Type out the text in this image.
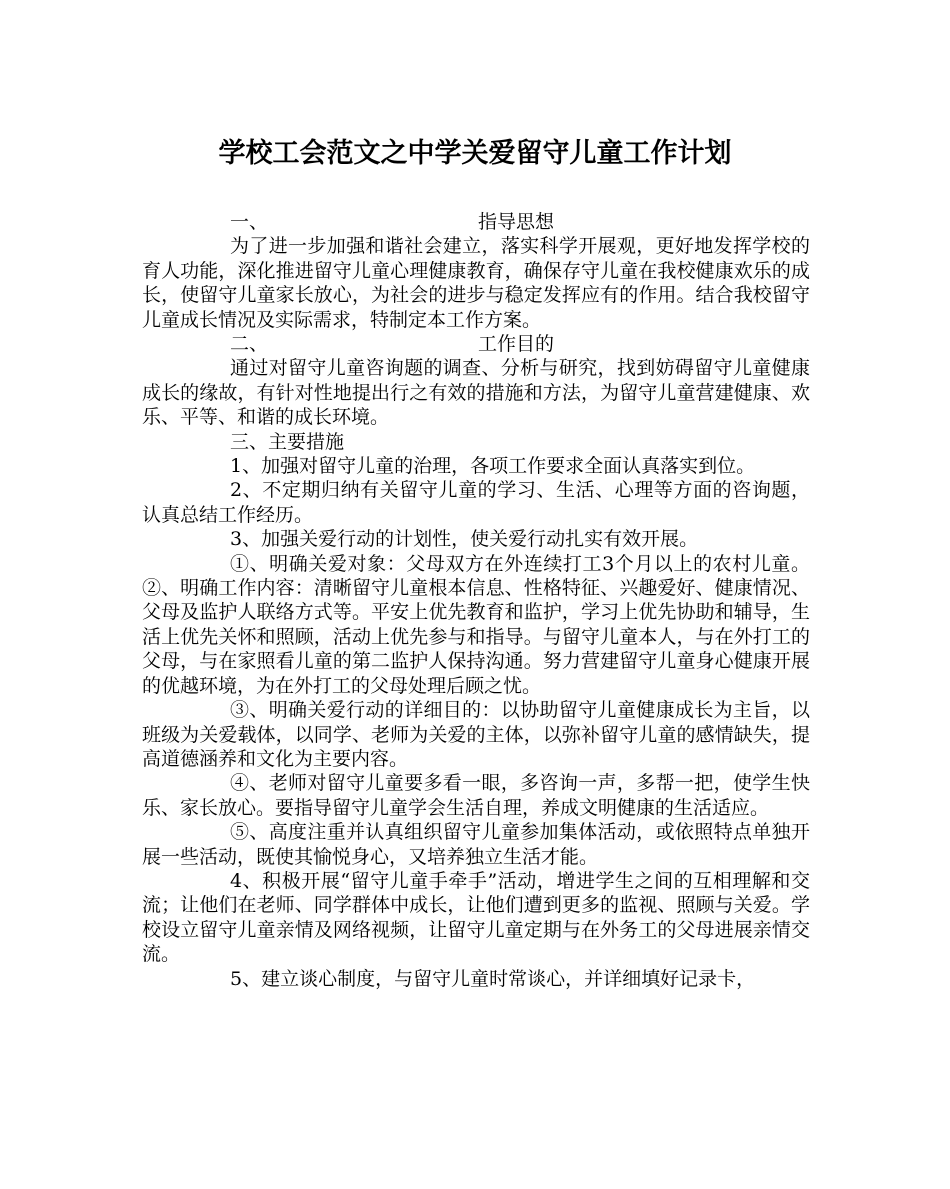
学校工会范文之中学关爱留守儿童工作计划
一、	指导思想

为了进一步加强和谐社会建立，落实科学开展观，更好地发挥学校的育人功能，深化推进留守儿童心理健康教育，确保存守儿童在我校健康欢乐的成长，使留守儿童家长放心，为社会的进步与稳定发挥应有的作用。结合我校留守儿童成长情况及实际需求，特制定本工作方案。

二、	工作目的

通过对留守儿童咨询题的调查、分析与研究，找到妨碍留守儿童健康成长的缘故，有针对性地提出行之有效的措施和方法，为留守儿童营建健康、欢乐、平等、和谐的成长环境。

三、主要措施

1、加强对留守儿童的治理，各项工作要求全面认真落实到位。

2、不定期归纳有关留守儿童的学习、生活、心理等方面的咨询题，认真总结工作经历。

3、加强关爱行动的计划性，使关爱行动扎实有效开展。

①、明确关爱对象：父母双方在外连续打工3个月以上的农村儿童。②、明确工作内容：清晰留守儿童根本信息、性格特征、兴趣爱好、健康情况、父母及监护人联络方式等。平安上优先教育和监护，学习上优先协助和辅导，生活上优先关怀和照顾，活动上优先参与和指导。与留守儿童本人，与在外打工的父母，与在家照看儿童的第二监护人保持沟通。努力营建留守儿童身心健康开展的优越环境，为在外打工的父母处理后顾之忧。

③、明确关爱行动的详细目的：以协助留守儿童健康成长为主旨，以班级为关爱载体，以同学、老师为关爱的主体，以弥补留守儿童的感情缺失，提高道德涵养和文化为主要内容。

④、老师对留守儿童要多看一眼，多咨询一声，多帮一把，使学生快乐、家长放心。要指导留守儿童学会生活自理，养成文明健康的生活适应。

⑤、高度注重并认真组织留守儿童参加集体活动，或依照特点单独开展一些活动，既使其愉悦身心，又培养独立生活才能。

4、积极开展“留守儿童手牵手”活动，增进学生之间的互相理解和交流；让他们在老师、同学群体中成长，让他们遭到更多的监视、照顾与关爱。学校设立留守儿童亲情及网络视频，让留守儿童定期与在外务工的父母进展亲情交流。

5、建立谈心制度，与留守儿童时常谈心，并详细填好记录卡，
